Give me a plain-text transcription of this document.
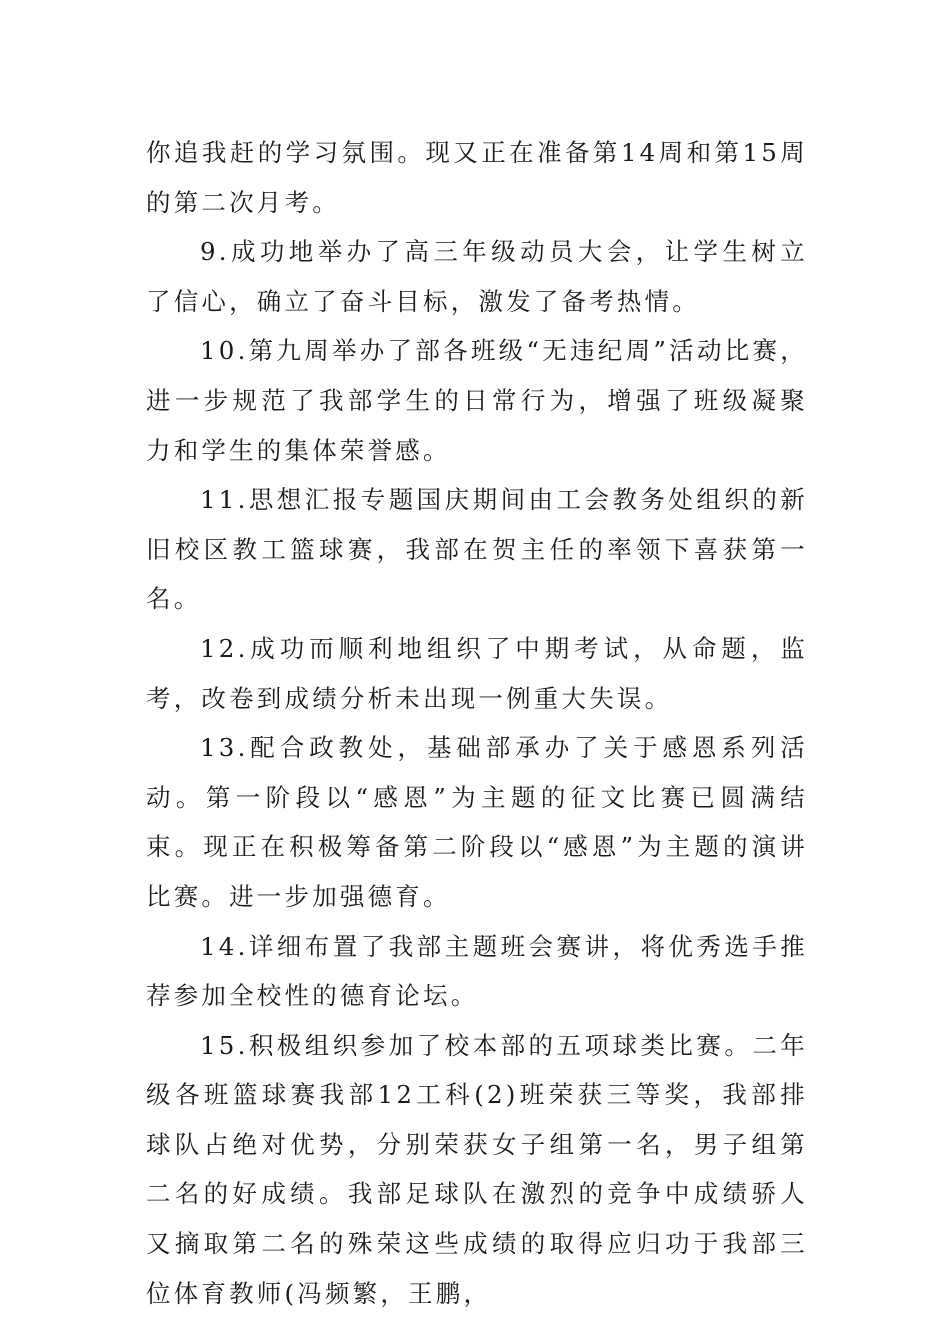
你追我赶的学习氛围。现又正在准备第14周和第15周的第二次月考。

9.成功地举办了高三年级动员大会，让学生树立了信心，确立了奋斗目标，激发了备考热情。

10.第九周举办了部各班级“无违纪周”活动比赛，进一步规范了我部学生的日常行为，增强了班级凝聚力和学生的集体荣誉感。

11.思想汇报专题国庆期间由工会教务处组织的新旧校区教工篮球赛，我部在贺主任的率领下喜获第一名。

12.成功而顺利地组织了中期考试，从命题，监考，改卷到成绩分析未出现一例重大失误。

13.配合政教处，基础部承办了关于感恩系列活动。第一阶段以“感恩”为主题的征文比赛已圆满结束。现正在积极筹备第二阶段以“感恩”为主题的演讲比赛。进一步加强德育。

14.详细布置了我部主题班会赛讲，将优秀选手推荐参加全校性的德育论坛。

15.积极组织参加了校本部的五项球类比赛。二年级各班篮球赛我部12工科(2)班荣获三等奖，我部排球队占绝对优势，分别荣获女子组第一名，男子组第二名的好成绩。我部足球队在激烈的竞争中成绩骄人又摘取第二名的殊荣这些成绩的取得应归功于我部三位体育教师(冯频繁，王鹏，
